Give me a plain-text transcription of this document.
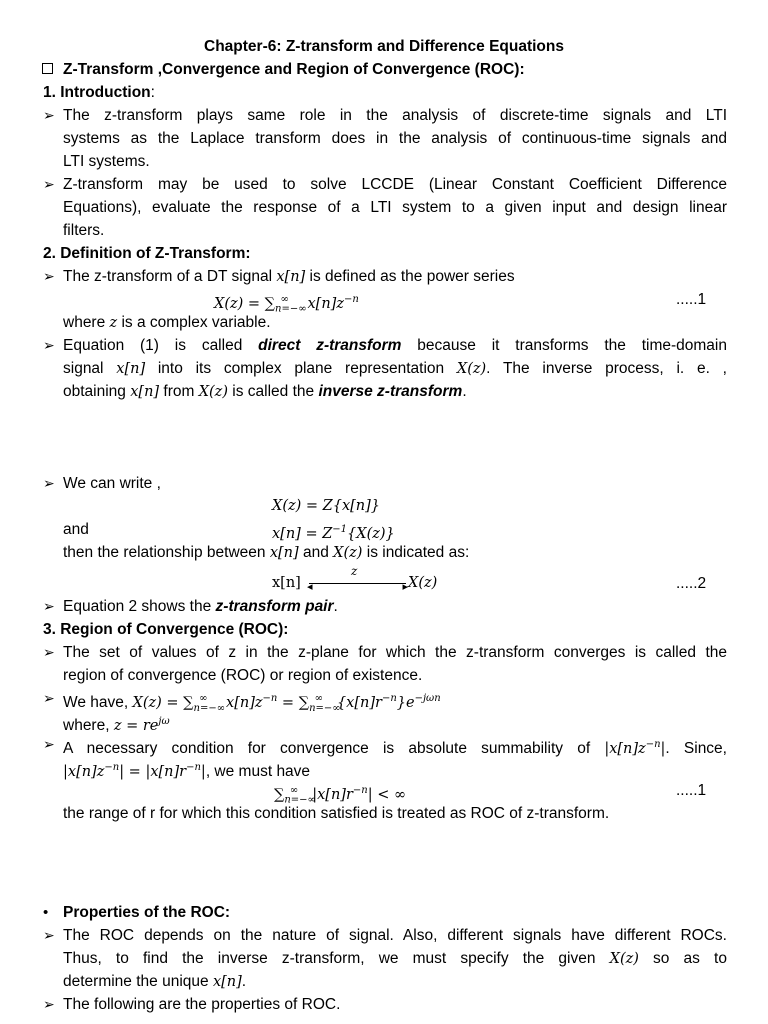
Chapter-6: Z-transform and Difference Equations
Z-Transform ,Convergence and Region of Convergence (ROC):
1. Introduction:
➢ The z-transform plays same role in the analysis of discrete-time signals and LTI
systems as the Laplace transform does in the analysis of continuous-time signals and
LTI systems.
➢ Z-transform may be used to solve LCCDE (Linear Constant Coefficient Difference
Equations), evaluate the response of a LTI system to a given input and design linear
filters.
2. Definition of Z-Transform:
➢ The z-transform of a DT signal x[n] is defined as the power series
$X(z) = \sum_{n=-\infty}^\infty$ $x[n]z^{-n}$	.....1
where z is a complex variable.
➢ Equation (1) is called direct z-transform because it transforms the time-domain
signal x[n] into its complex plane representation X(z). The inverse process, i. e. ,
obtaining x[n] from X(z) is called the inverse z-transform.
➢ We can write ,
X(z) = Z{x[n]}
and	$x[n] = Z^{-1}\{X(z)\}$
then the relationship between x[n] and X(z) is indicated as:
x[n]
z
◂	▸ X(z)	.....2
➢ Equation 2 shows the z-transform pair.
3. Region of Convergence (ROC):
➢ The set of values of z in the z-plane for which the z-transform converges is called the
region of convergence (ROC) or region of existence.
➢ We have, $X(z) = \sum_{n=-\infty}^\infty$ $x[n]z^{-n} = \sum_{n=-\infty}^\infty$ $\{x[n]r^{-n}\}e^{-j\omega n}$
where, $z = re^{j\omega}$
➢ A necessary condition for convergence is absolute summability of $|x[n]z^{-n}|$. Since,
$|x[n]z^{-n}| = |x[n]r^{-n}|$, we must have
$\sum_{n=-\infty}^\infty$ $|x[n]r^{-n}|$ < ∞	.....1
the range of r for which this condition satisfied is treated as ROC of z-transform.
• Properties of the ROC:
➢ The ROC depends on the nature of signal. Also, different signals have different ROCs.
Thus, to find the inverse z-transform, we must specify the given X(z) so as to
determine the unique x[n].
➢ The following are the properties of ROC.
